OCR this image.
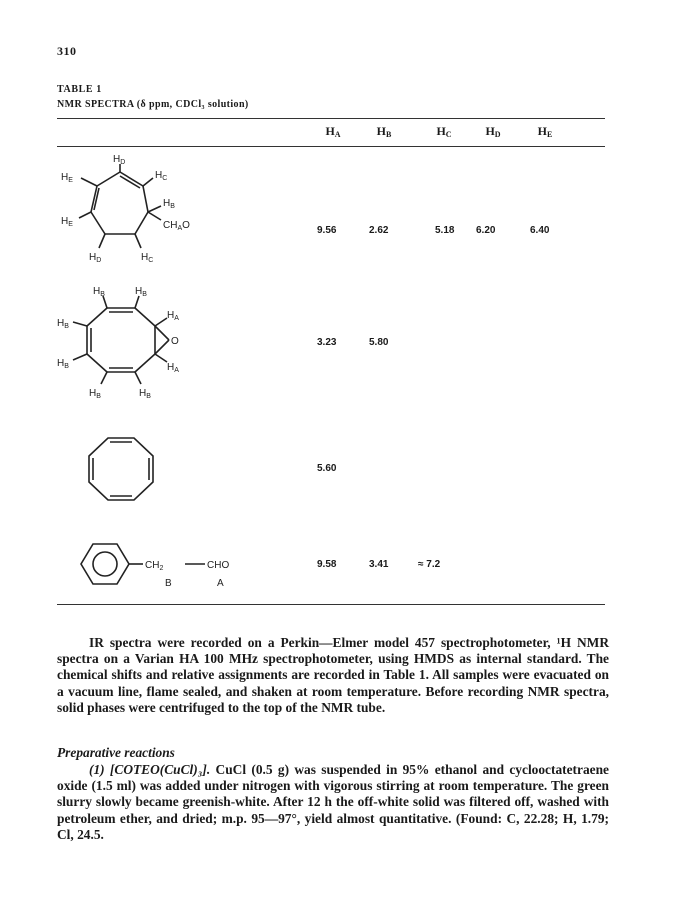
310
TABLE 1
NMR SPECTRA (δ ppm, CDCl₃ solution)
$H_A$	$H_B$	$H_C$	$H_D$	$H_E$
$H_D$
$H_E$	$H_C$
$H_B$
$H_E$	$CH_AO$
$H_D$	$H_C$
9.56	2.62	5.18 6.20	6.40
$H_B$	$H_B$
$H_B$
$H_A$
O
$H_B$	$H_A$
$H_B$	$H_B$
3.23	5.80
5.60
$CH_2$	CHO
B	A
9.58	3.41	≈ 7.2

IR spectra were recorded on a Perkin—Elmer model 457 spectrophotometer, ¹H NMR spectra on a Varian HA 100 MHz spectrophotometer, using HMDS as internal standard. The chemical shifts and relative assignments are recorded in Table 1. All samples were evacuated on a vacuum line, flame sealed, and shaken at room temperature. Before recording NMR spectra, solid phases were centrifuged to the top of the NMR tube.

Preparative reactions

(1) [COTEO(CuCl)₃]. CuCl (0.5 g) was suspended in 95% ethanol and cyclooctatetraene oxide (1.5 ml) was added under nitrogen with vigorous stirring at room temperature. The green slurry slowly became greenish-white. After 12 h the off-white solid was filtered off, washed with petroleum ether, and dried; m.p. 95—97°, yield almost quantitative. (Found: C, 22.28; H, 1.79; Cl, 24.5.
